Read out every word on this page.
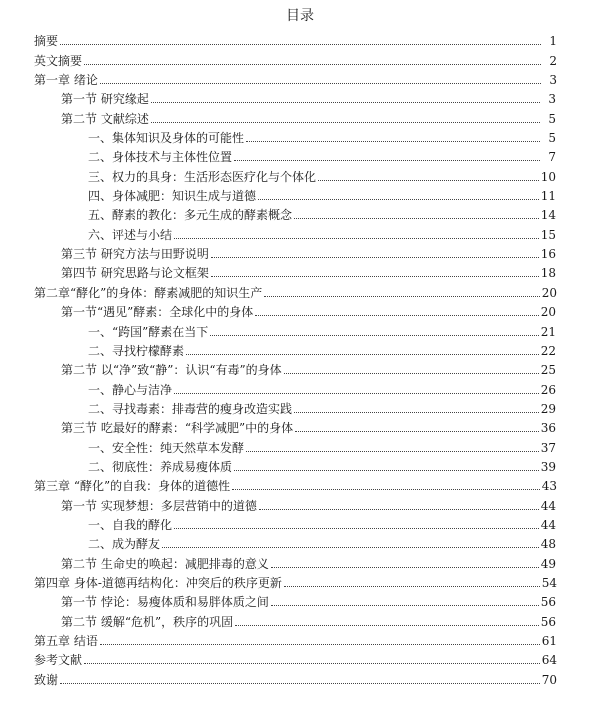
目录
摘要	1
英文摘要	2
第一章 绪论	3
第一节 研究缘起	3
第二节 文献综述	5
一、集体知识及身体的可能性	5
二、身体技术与主体性位置	7
三、权力的具身：生活形态医疗化与个体化	10
四、身体减肥：知识生成与道德	11
五、酵素的教化：多元生成的酵素概念	14
六、评述与小结	15
第三节 研究方法与田野说明	16
第四节 研究思路与论文框架	18
第二章“酵化”的身体：酵素减肥的知识生产	20
第一节“遇见”酵素：全球化中的身体	20
一、“跨国”酵素在当下	21
二、寻找柠檬酵素	22
第二节 以“净”致“静”：认识“有毒”的身体	25
一、静心与洁净	26
二、寻找毒素：排毒营的瘦身改造实践	29
第三节 吃最好的酵素：“科学减肥”中的身体	36
一、安全性：纯天然草本发酵	37
二、彻底性：养成易瘦体质	39
第三章 “酵化”的自我：身体的道德性	43
第一节 实现梦想：多层营销中的道德	44
一、自我的酵化	44
二、成为酵友	48
第二节 生命史的唤起：减肥排毒的意义	49
第四章 身体-道德再结构化：冲突后的秩序更新	54
第一节 悖论：易瘦体质和易胖体质之间	56
第二节 缓解“危机”，秩序的巩固	56
第五章 结语	61
参考文献	64
致谢	70
